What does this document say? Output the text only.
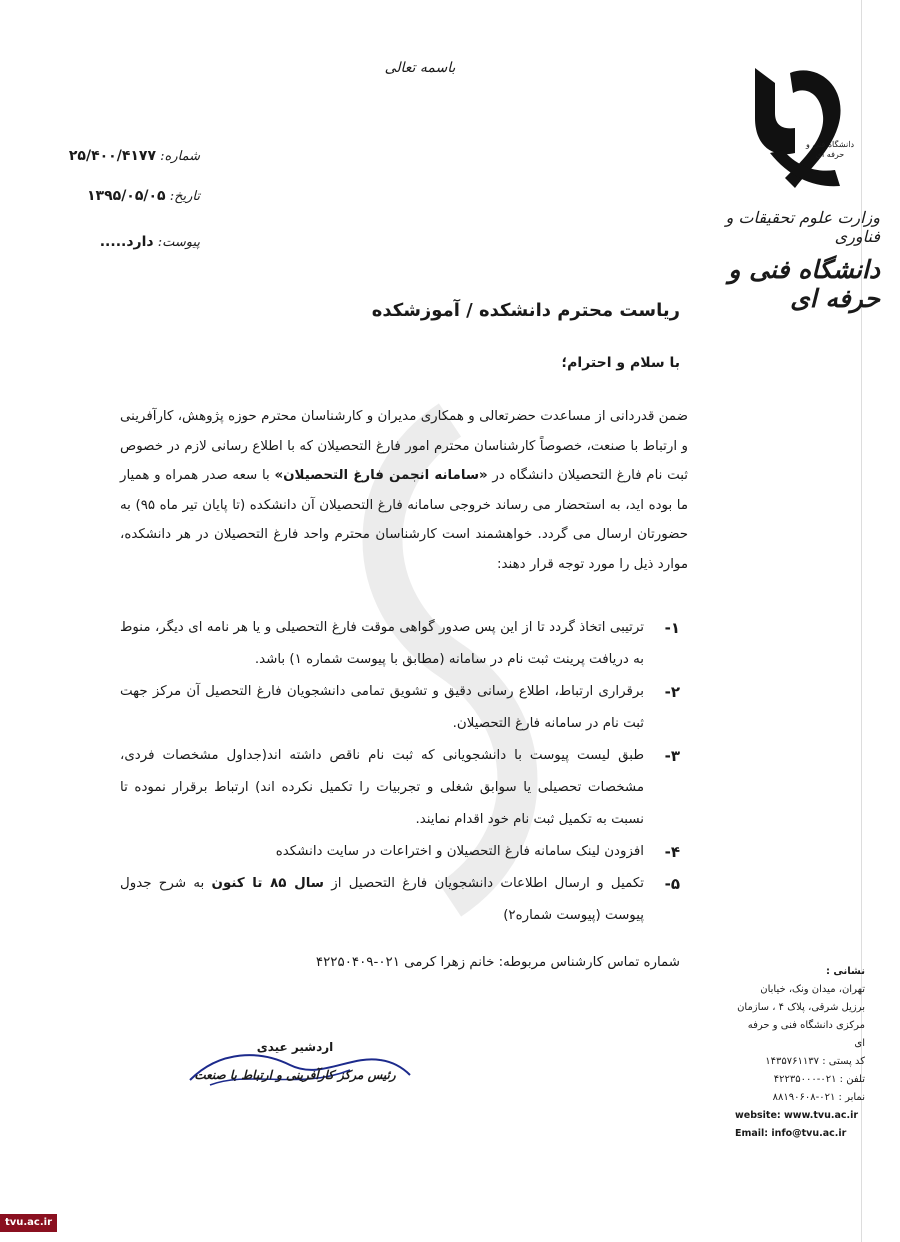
باسمه تعالی
دانشگاه فنی و حرفه ای
وزارت علوم تحقیقات و فناوری
دانشگاه فنی و حرفه ای
شماره: ۲۵/۴۰۰/۴۱۷۷
تاریخ: ۱۳۹۵/۰۵/۰۵
پیوست: دارد.....
ریاست محترم دانشکده / آموزشکده
با سلام و احترام؛
ضمن قدردانی از مساعدت حضرتعالی و همکاری مدیران و کارشناسان محترم حوزه پژوهش، کارآفرینی و ارتباط با صنعت، خصوصاً کارشناسان محترم امور فارغ التحصیلان که با اطلاع رسانی لازم در خصوص ثبت نام فارغ التحصیلان دانشگاه در «سامانه انجمن فارغ التحصیلان» با سعه صدر همراه و همیار ما بوده اید، به استحضار می رساند خروجی سامانه فارغ التحصیلان آن دانشکده (تا پایان تیر ماه ۹۵) به حضورتان ارسال می گردد. خواهشمند است کارشناسان محترم واحد فارغ التحصیلان در هر دانشکده، موارد ذیل را مورد توجه قرار دهند:
۱-
ترتیبی اتخاذ گردد تا از این پس صدور گواهی موقت فارغ التحصیلی و یا هر نامه ای دیگر، منوط به دریافت پرینت ثبت نام در سامانه (مطابق با پیوست شماره ۱) باشد.
۲-
برقراری ارتباط، اطلاع رسانی دقیق و تشویق تمامی دانشجویان فارغ التحصیل آن مرکز جهت ثبت نام در سامانه فارغ التحصیلان.
۳-
طبق لیست پیوست با دانشجویانی که ثبت نام ناقص داشته اند(جداول مشخصات فردی، مشخصات تحصیلی یا سوابق شغلی و تجربیات را تکمیل نکرده اند) ارتباط برقرار نموده تا نسبت به تکمیل ثبت نام خود اقدام نمایند.
۴-
افزودن لینک سامانه فارغ التحصیلان و اختراعات در سایت دانشکده
۵-
تکمیل و ارسال اطلاعات دانشجویان فارغ التحصیل از سال ۸۵ تا کنون به شرح جدول پیوست (پیوست شماره۲)
شماره تماس کارشناس مربوطه: خانم زهرا کرمی ۰۲۱-۴۲۲۵۰۴۰۹
اردشیر عیدی
رئیس مرکز کارآفرینی و ارتباط با صنعت
نشانی :
تهران، میدان ونک، خیابان
برزیل شرقی، پلاک ۴ ، سازمان
مرکزی دانشگاه فنی و حرفه ای
کد پستی : ۱۴۳۵۷۶۱۱۳۷
تلفن : ۰۲۱-۴۲۲۳۵۰۰۰
نمابر : ۰۲۱-۸۸۱۹۰۶۰۸
website: www.tvu.ac.ir
Email: info@tvu.ac.ir
tvu.ac.ir
